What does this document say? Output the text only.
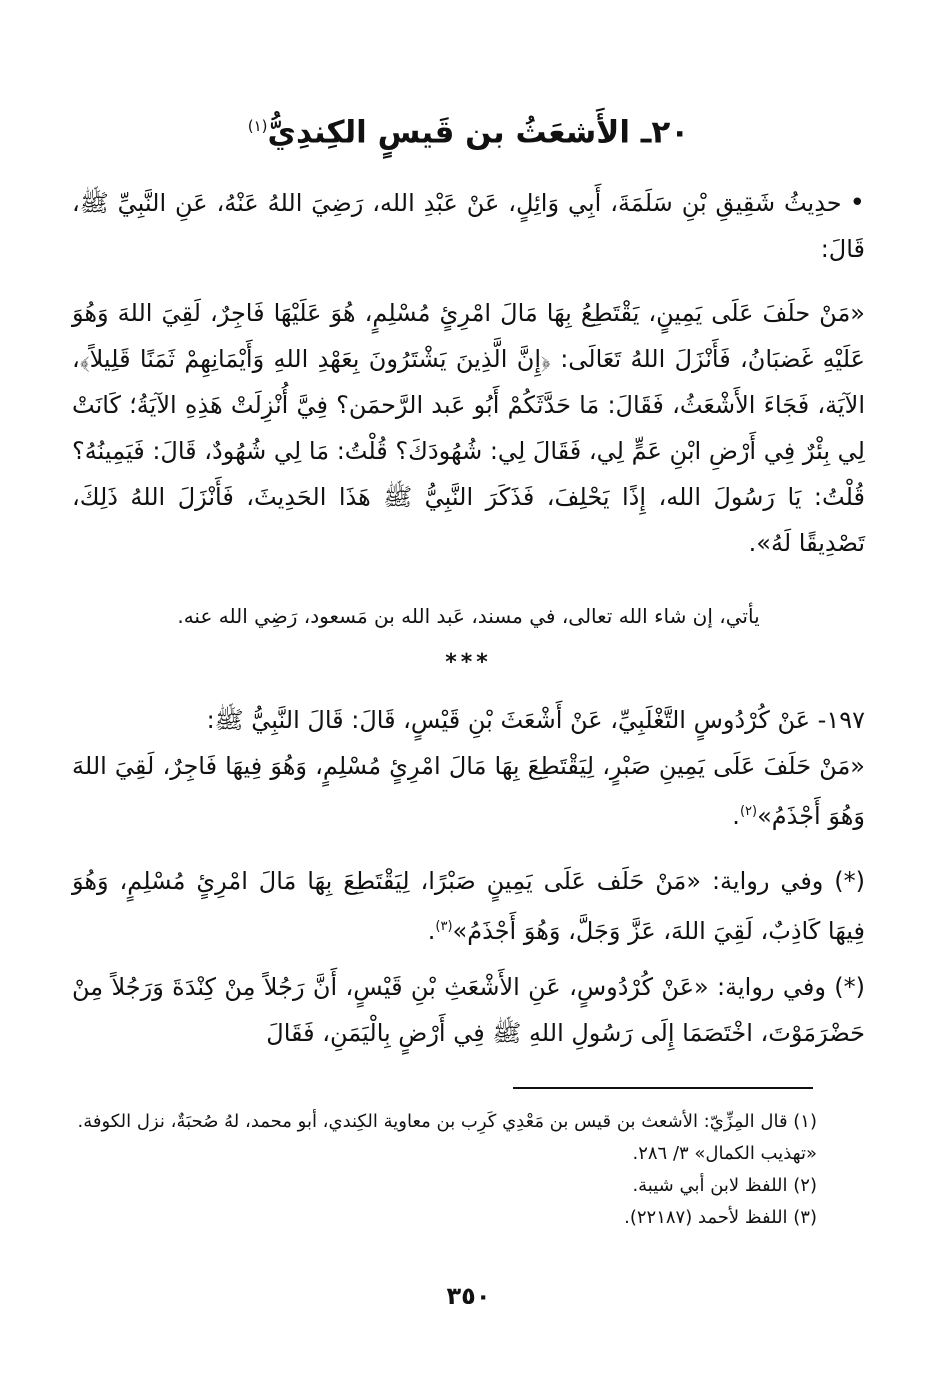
٢٠ـ الأَشعَثُ بن قَيسٍ الكِندِيُّ$^{(١)}$
•حدِيثُ شَقِيقِ بْنِ سَلَمَةَ، أَبِي وَائِلٍ، عَنْ عَبْدِ الله، رَضِيَ اللهُ عَنْهُ، عَنِ النَّبِيِّ ﷺ، قَالَ:
«مَنْ حلَفَ عَلَى يَمِينٍ، يَقْتَطِعُ بِهَا مَالَ امْرِئٍ مُسْلِمٍ، هُوَ عَلَيْهَا فَاجِرٌ، لَقِيَ اللهَ وَهُوَ عَلَيْهِ غَضبَانُ، فَأَنْزَلَ اللهُ تَعَالَى: ﴿إِنَّ الَّذِينَ يَشْتَرُونَ بِعَهْدِ اللهِ وَأَيْمَانِهِمْ ثَمَنًا قَلِيلاً﴾، الآيَة، فَجَاءَ الأَشْعَثُ، فَقَالَ: مَا حَدَّثَكُمْ أَبُو عَبد الرَّحمَن؟ فِيَّ أُنْزِلَتْ هَذِهِ الآيَةُ؛ كَانَتْ لِي بِئْرٌ فِي أَرْضِ ابْنِ عَمٍّ لِي، فَقَالَ لِي: شُهُودَكَ؟ قُلْتُ: مَا لِي شُهُودٌ، قَالَ: فَيَمِينُهُ؟ قُلْتُ: يَا رَسُولَ الله، إِذًا يَحْلِفَ، فَذَكَرَ النَّبِيُّ ﷺ هَذَا الحَدِيثَ، فَأَنْزَلَ اللهُ ذَلِكَ، تَصْدِيقًا لَهُ».
يأتي، إن شاء الله تعالى، في مسند، عَبد الله بن مَسعود، رَضِي الله عنه.
***
١٩٧- عَنْ كُرْدُوسٍ التَّغْلَبِيِّ، عَنْ أَشْعَثَ بْنِ قَيْسٍ، قَالَ: قَالَ النَّبِيُّ ﷺ:
«مَنْ حَلَفَ عَلَى يَمِينِ صَبْرٍ، لِيَقْتَطِعَ بِهَا مَالَ امْرِئٍ مُسْلِمٍ، وَهُوَ فِيهَا فَاجِرٌ، لَقِيَ اللهَ وَهُوَ أَجْذَمُ»$^{(٢)}$.
(*) وفي رواية: «مَنْ حَلَف عَلَى يَمِينٍ صَبْرًا، لِيَقْتَطِعَ بِهَا مَالَ امْرِئٍ مُسْلِمٍ، وَهُوَ فِيهَا كَاذِبٌ، لَقِيَ اللهَ، عَزَّ وَجَلَّ، وَهُوَ أَجْذَمُ»$^{(٣)}$.
(*) وفي رواية: «عَنْ كُرْدُوسٍ، عَنِ الأَشْعَثِ بْنِ قَيْسٍ، أَنَّ رَجُلاً مِنْ كِنْدَةَ وَرَجُلاً مِنْ حَضْرَمَوْتَ، اخْتَصَمَا إِلَى رَسُولِ اللهِ ﷺ فِي أَرْضٍ بِالْيَمَنِ، فَقَالَ

(١) قال المِزِّيّ: الأشعث بن قيس بن مَعْدِي كَرِب بن معاوية الكِندي، أبو محمد، لهُ صُحبَةٌ، نزل الكوفة. «تهذيب الكمال» ٣/ ٢٨٦.

(٢) اللفظ لابن أبي شيبة.

(٣) اللفظ لأحمد (٢٢١٨٧).

٣٥٠
